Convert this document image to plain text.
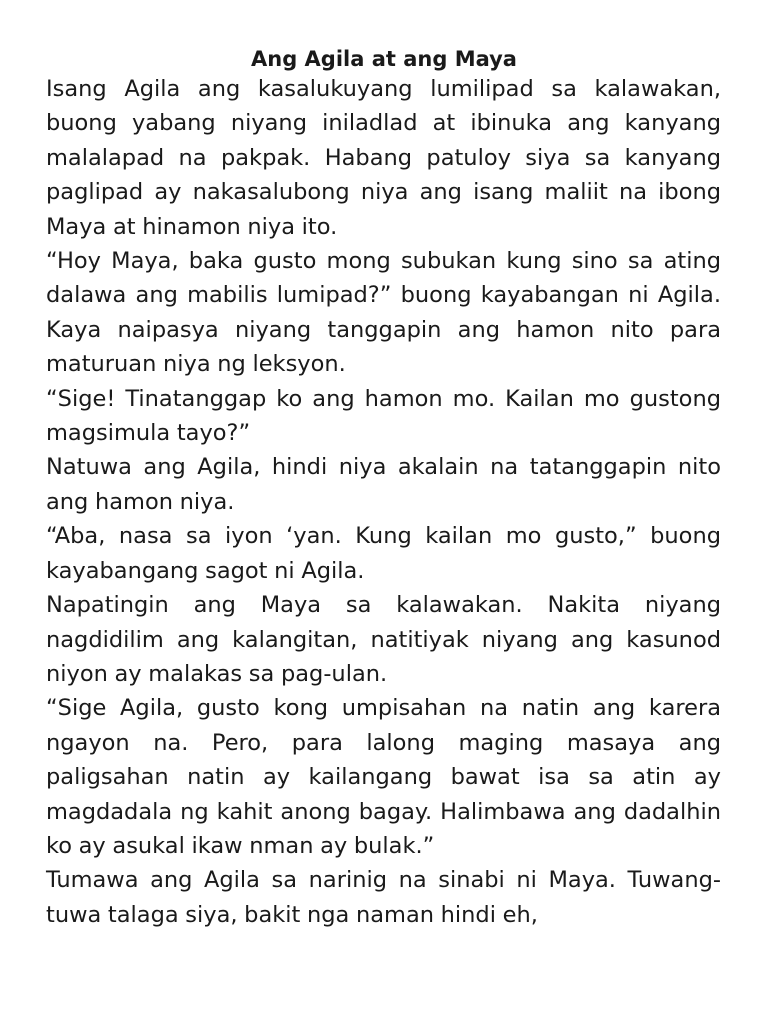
Ang Agila at ang Maya

Isang Agila ang kasalukuyang lumilipad sa kalawakan, buong yabang niyang iniladlad at ibinuka ang kanyang malalapad na pakpak. Habang patuloy siya sa kanyang paglipad ay nakasalubong niya ang isang maliit na ibong Maya at hinamon niya ito.

“Hoy Maya, baka gusto mong subukan kung sino sa ating dalawa ang mabilis lumipad?” buong kayabangan ni Agila. Kaya naipasya niyang tanggapin ang hamon nito para maturuan niya ng leksyon.

“Sige! Tinatanggap ko ang hamon mo. Kailan mo gustong magsimula tayo?”

Natuwa ang Agila, hindi niya akalain na tatanggapin nito ang hamon niya.

“Aba, nasa sa iyon ‘yan. Kung kailan mo gusto,” buong kayabangang sagot ni Agila.

Napatingin ang Maya sa kalawakan. Nakita niyang nagdidilim ang kalangitan, natitiyak niyang ang kasunod niyon ay malakas sa pag-ulan.

“Sige Agila, gusto kong umpisahan na natin ang karera ngayon na. Pero, para lalong maging masaya ang paligsahan natin ay kailangang bawat isa sa atin ay magdadala ng kahit anong bagay. Halimbawa ang dadalhin ko ay asukal ikaw nman ay bulak.”

Tumawa ang Agila sa narinig na sinabi ni Maya. Tuwang-tuwa talaga siya, bakit nga naman hindi eh,
